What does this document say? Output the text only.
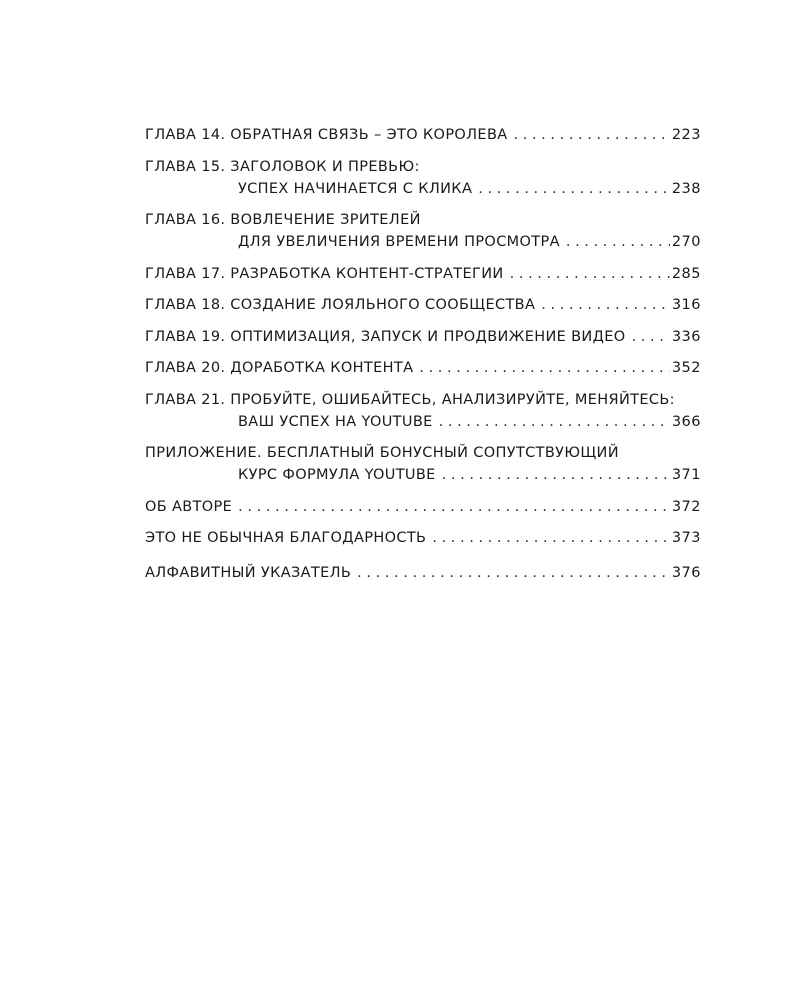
ГЛАВА 14. ОБРАТНАЯ СВЯЗЬ – ЭТО КОРОЛЕВА . . .	223
ГЛАВА 15. ЗАГОЛОВОК И ПРЕВЬЮ:
УСПЕХ НАЧИНАЕТСЯ С КЛИКА . . .	238
ГЛАВА 16. ВОВЛЕЧЕНИЕ ЗРИТЕЛЕЙ
ДЛЯ УВЕЛИЧЕНИЯ ВРЕМЕНИ ПРОСМОТРА . . .	270
ГЛАВА 17. РАЗРАБОТКА КОНТЕНТ-СТРАТЕГИИ . . .	285
ГЛАВА 18. СОЗДАНИЕ ЛОЯЛЬНОГО СООБЩЕСТВА . . .	316
ГЛАВА 19. ОПТИМИЗАЦИЯ, ЗАПУСК И ПРОДВИЖЕНИЕ ВИДЕО . . .	336
ГЛАВА 20. ДОРАБОТКА КОНТЕНТА . . .	352
ГЛАВА 21. ПРОБУЙТЕ, ОШИБАЙТЕСЬ, АНАЛИЗИРУЙТЕ, МЕНЯЙТЕСЬ:
ВАШ УСПЕХ НА YOUTUBE . . .	366
ПРИЛОЖЕНИЕ. БЕСПЛАТНЫЙ БОНУСНЫЙ СОПУТСТВУЮЩИЙ
КУРС ФОРМУЛА YOUTUBE . . .	371
ОБ АВТОРЕ . . .	372
ЭТО НЕ ОБЫЧНАЯ БЛАГОДАРНОСТЬ . . .	373
АЛФАВИТНЫЙ УКАЗАТЕЛЬ . . .	376
